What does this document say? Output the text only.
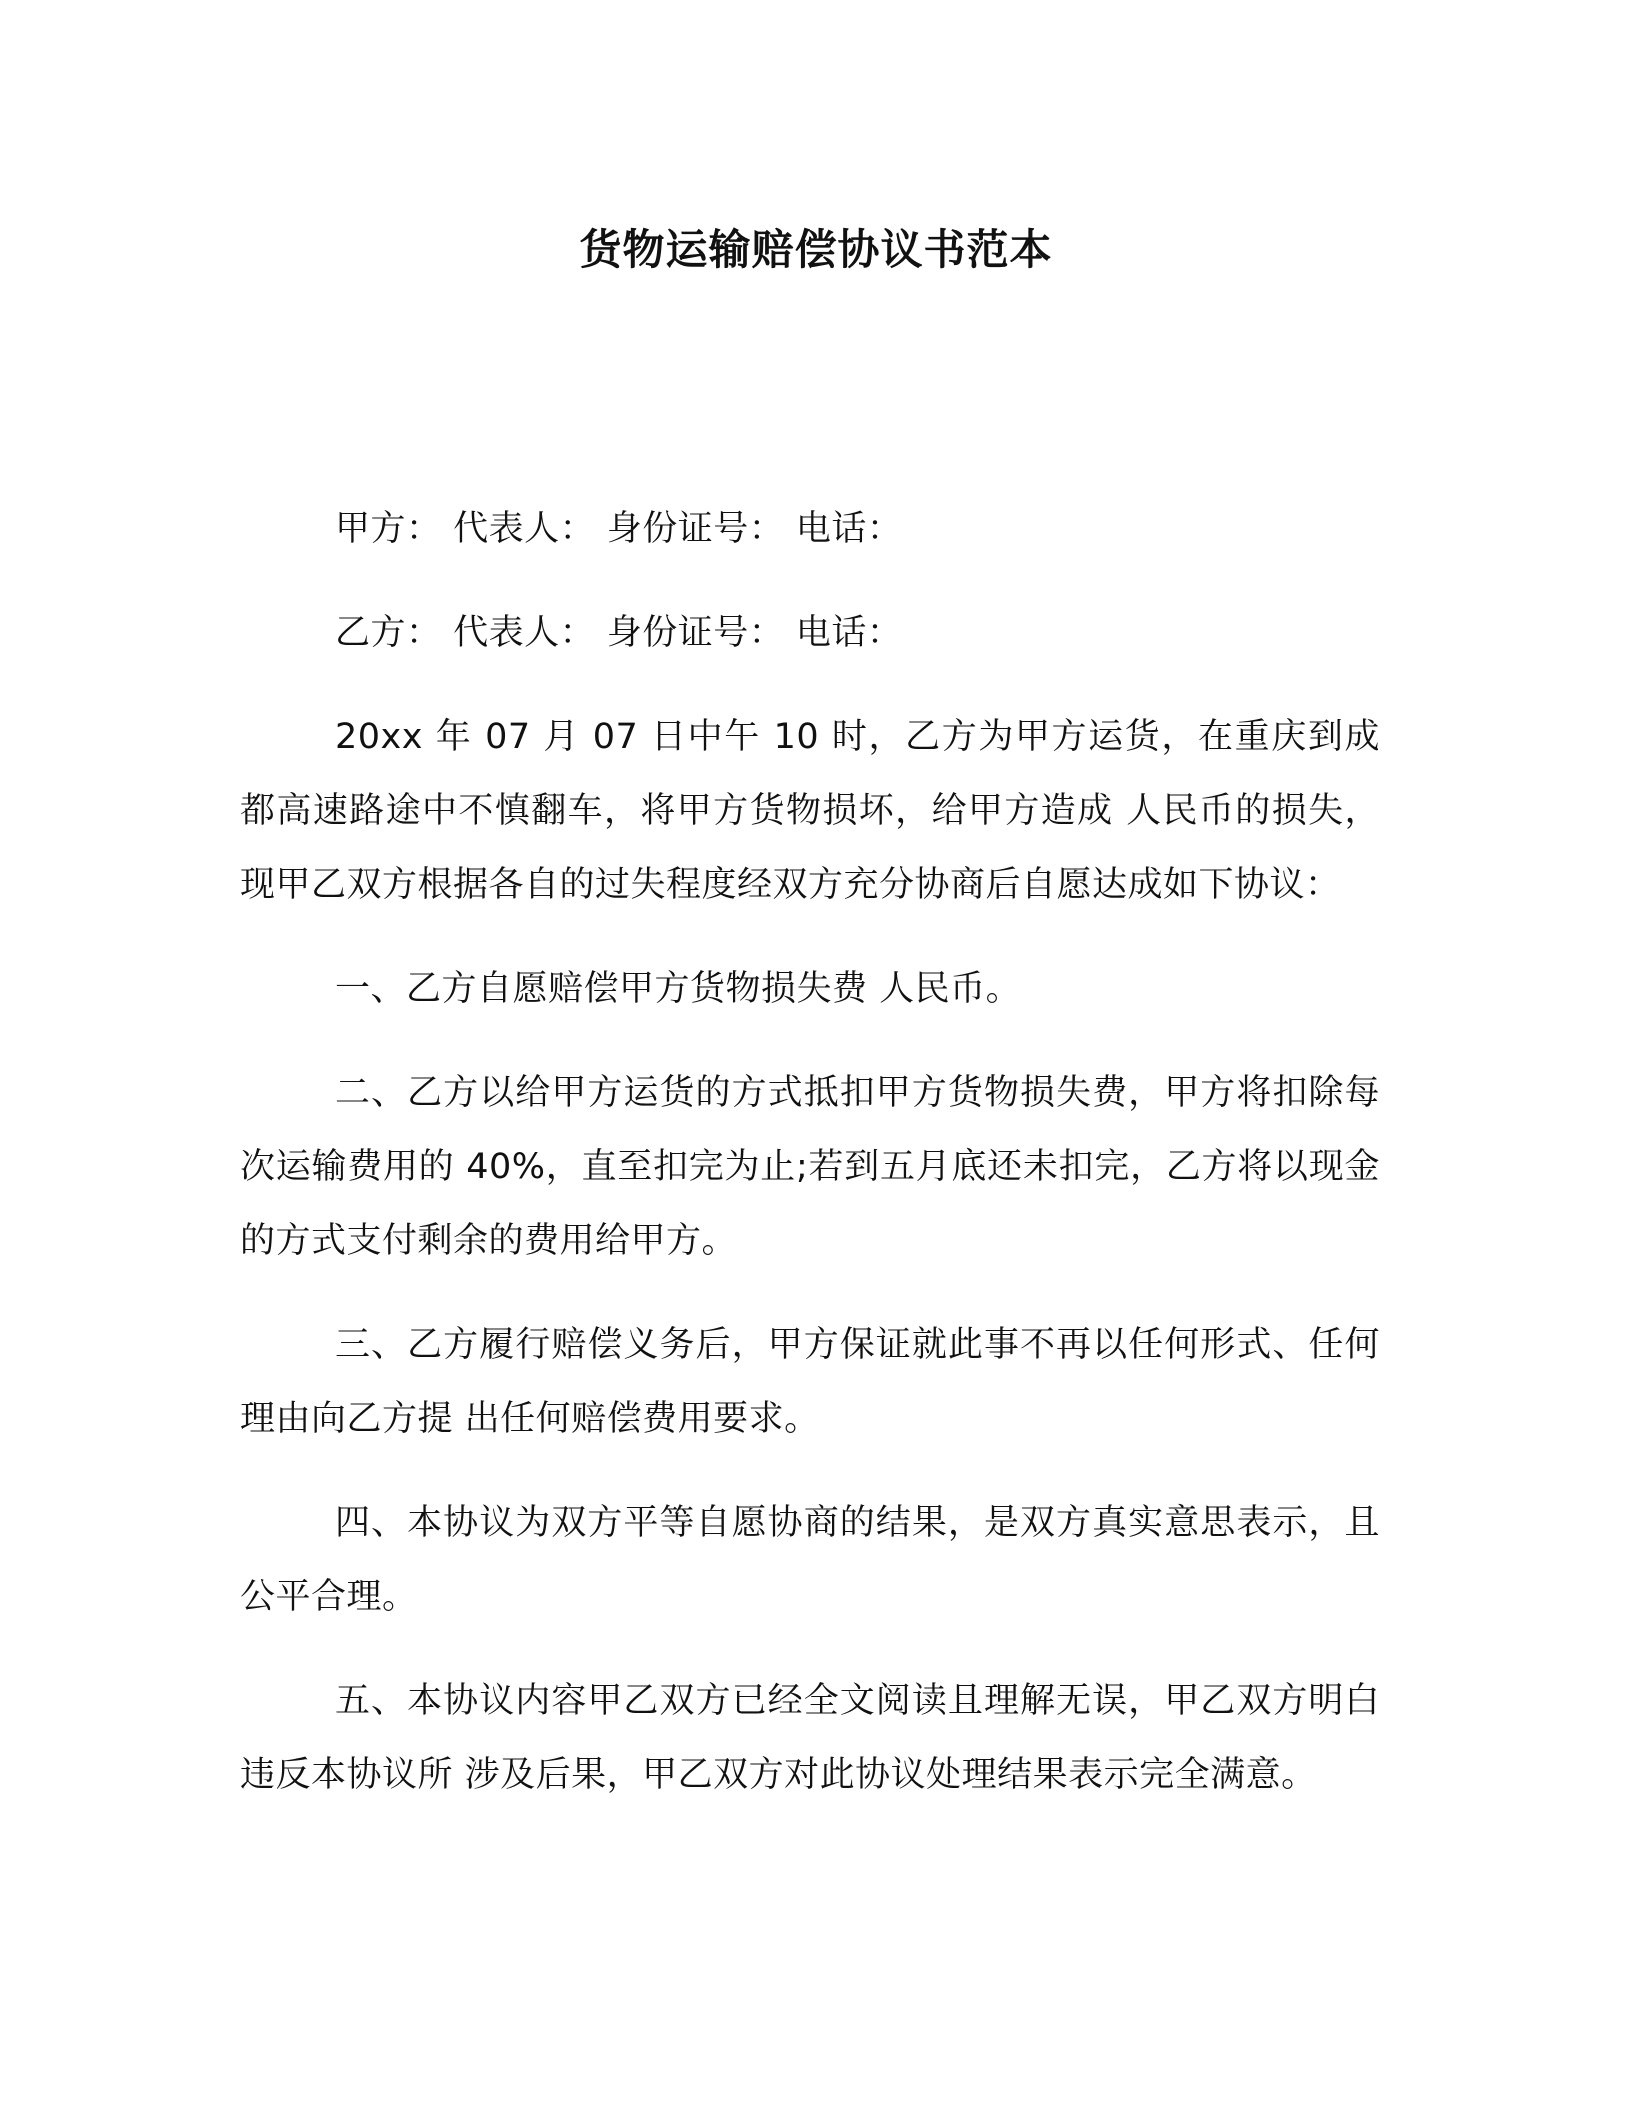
货物运输赔偿协议书范本

甲方： 代表人： 身份证号： 电话：

乙方： 代表人： 身份证号： 电话：

20xx 年 07 月 07 日中午 10 时，乙方为甲方运货，在重庆到成都高速路途中不慎翻车，将甲方货物损坏，给甲方造成 人民币的损失，现甲乙双方根据各自的过失程度经双方充分协商后自愿达成如下协议：

一、乙方自愿赔偿甲方货物损失费 人民币。

二、乙方以给甲方运货的方式抵扣甲方货物损失费，甲方将扣除每次运输费用的 40%，直至扣完为止;若到五月底还未扣完，乙方将以现金的方式支付剩余的费用给甲方。

三、乙方履行赔偿义务后，甲方保证就此事不再以任何形式、任何理由向乙方提 出任何赔偿费用要求。

四、本协议为双方平等自愿协商的结果，是双方真实意思表示，且公平合理。

五、本协议内容甲乙双方已经全文阅读且理解无误，甲乙双方明白违反本协议所 涉及后果，甲乙双方对此协议处理结果表示完全满意。
